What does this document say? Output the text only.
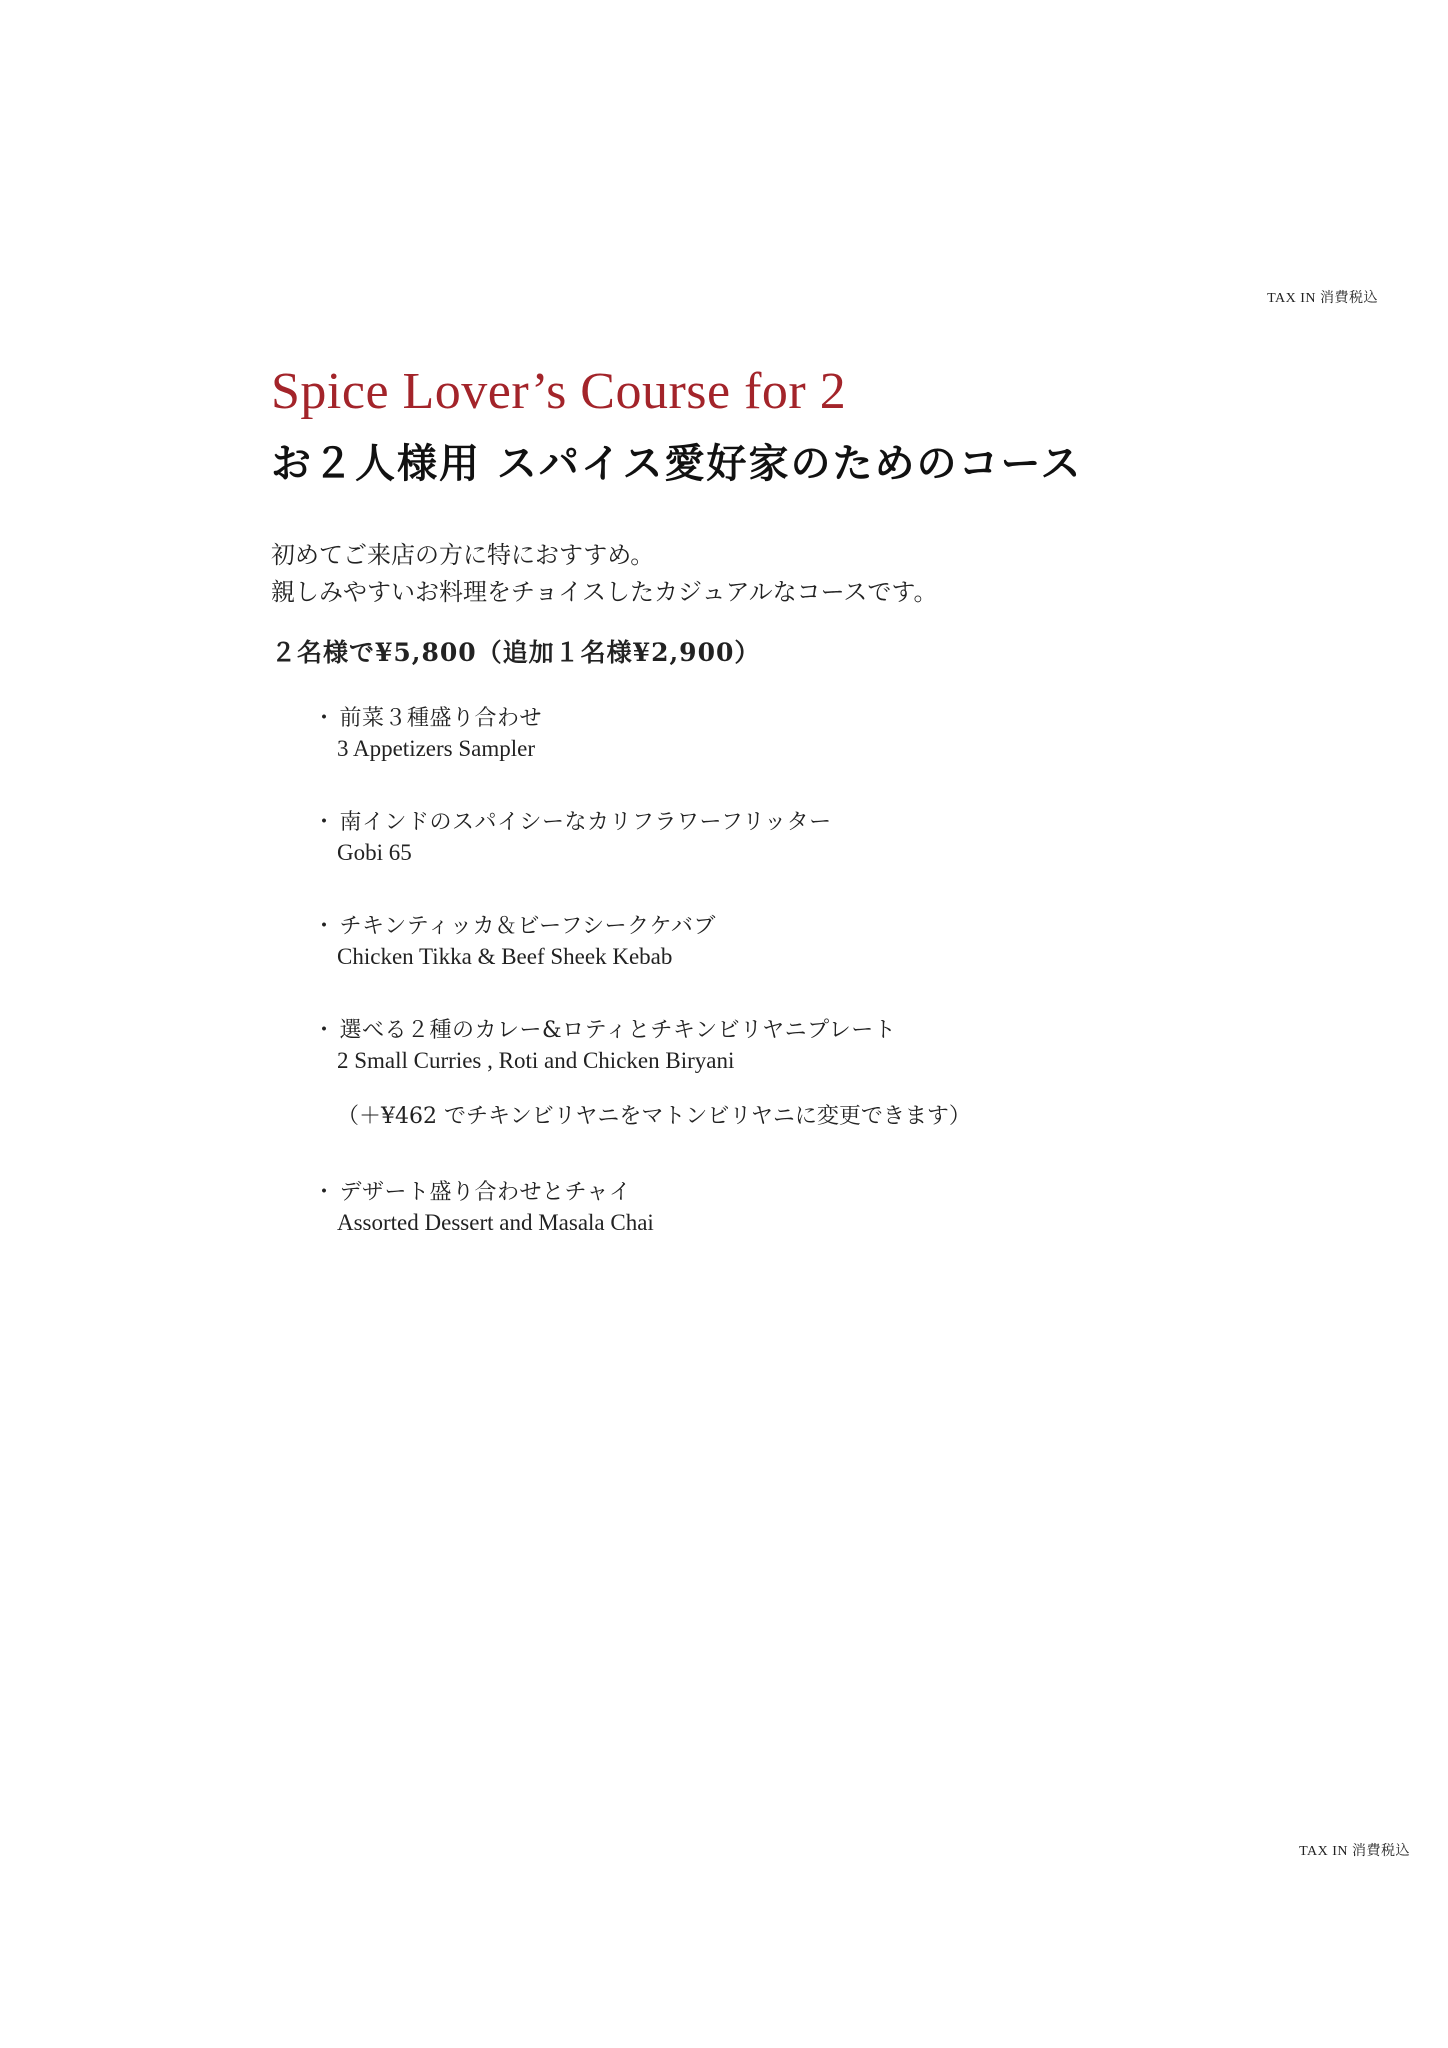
TAX IN 消費税込
Spice Lover’s Course for 2
お２人様用 スパイス愛好家のためのコース
初めてご来店の方に特におすすめ。
親しみやすいお料理をチョイスしたカジュアルなコースです。
２名様で¥5,800（追加１名様¥2,900）
・ 前菜３種盛り合わせ
3 Appetizers Sampler
・ 南インドのスパイシーなカリフラワーフリッター
Gobi 65
・ チキンティッカ＆ビーフシークケバブ
Chicken Tikka & Beef Sheek Kebab
・ 選べる２種のカレー&ロティとチキンビリヤニプレート
2 Small Curries , Roti and Chicken Biryani
（＋¥462 でチキンビリヤニをマトンビリヤニに変更できます）
・ デザート盛り合わせとチャイ
Assorted Dessert and Masala Chai
TAX IN 消費税込
